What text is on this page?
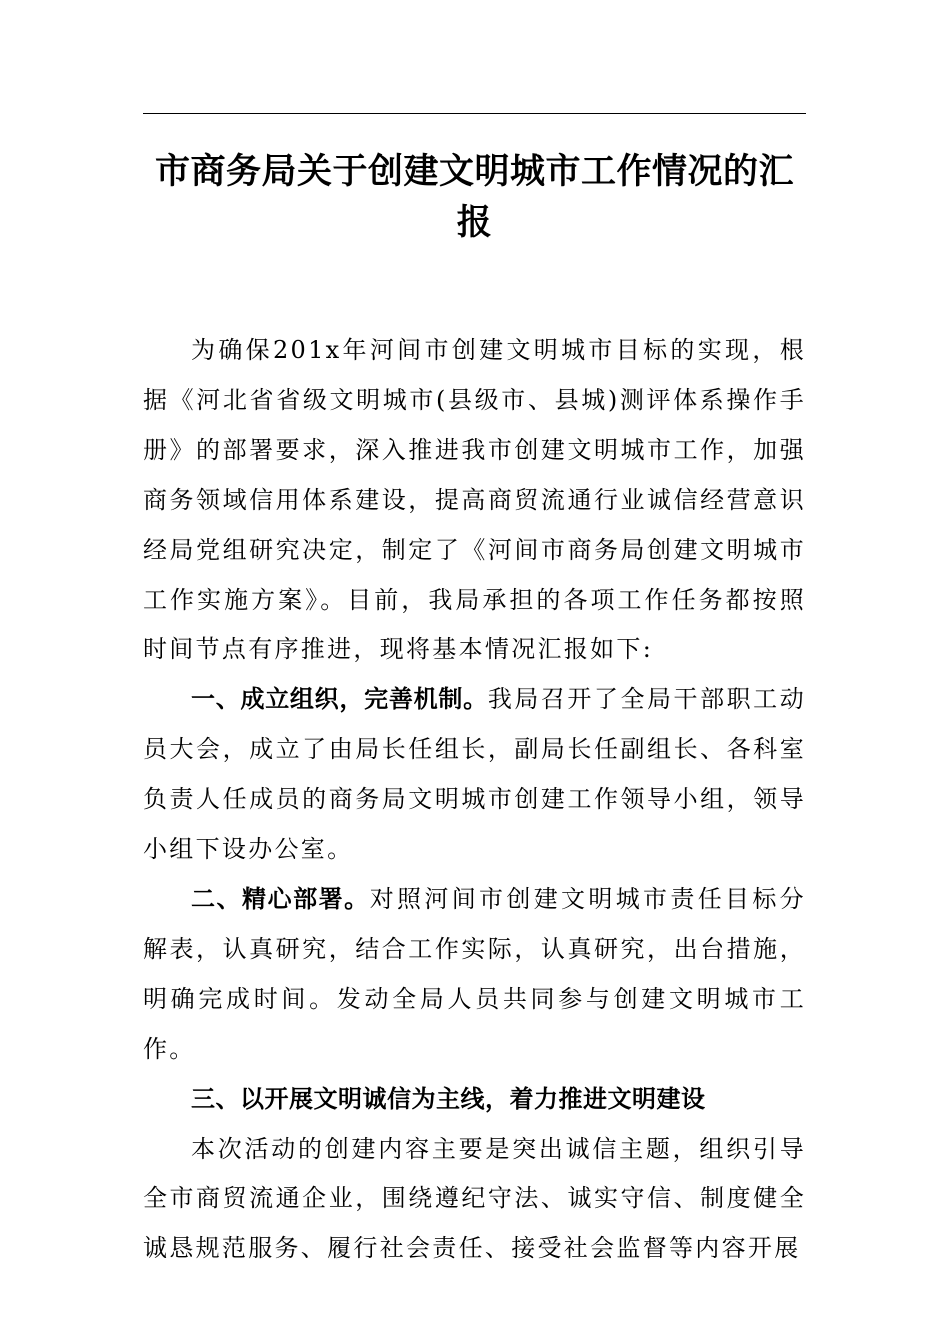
市商务局关于创建文明城市工作情况的汇报

为确保201x年河间市创建文明城市目标的实现，根据《河北省省级文明城市(县级市、县城)测评体系操作手册》的部署要求，深入推进我市创建文明城市工作，加强商务领域信用体系建设，提高商贸流通行业诚信经营意识经局党组研究决定，制定了《河间市商务局创建文明城市工作实施方案》。目前，我局承担的各项工作任务都按照时间节点有序推进，现将基本情况汇报如下:

一、成立组织，完善机制。我局召开了全局干部职工动员大会，成立了由局长任组长，副局长任副组长、各科室负责人任成员的商务局文明城市创建工作领导小组，领导小组下设办公室。

二、精心部署。对照河间市创建文明城市责任目标分解表，认真研究，结合工作实际，认真研究，出台措施，明确完成时间。发动全局人员共同参与创建文明城市工作。

三、以开展文明诚信为主线，着力推进文明建设

本次活动的创建内容主要是突出诚信主题，组织引导全市商贸流通企业，围绕遵纪守法、诚实守信、制度健全诚恳规范服务、履行社会责任、接受社会监督等内容开展
